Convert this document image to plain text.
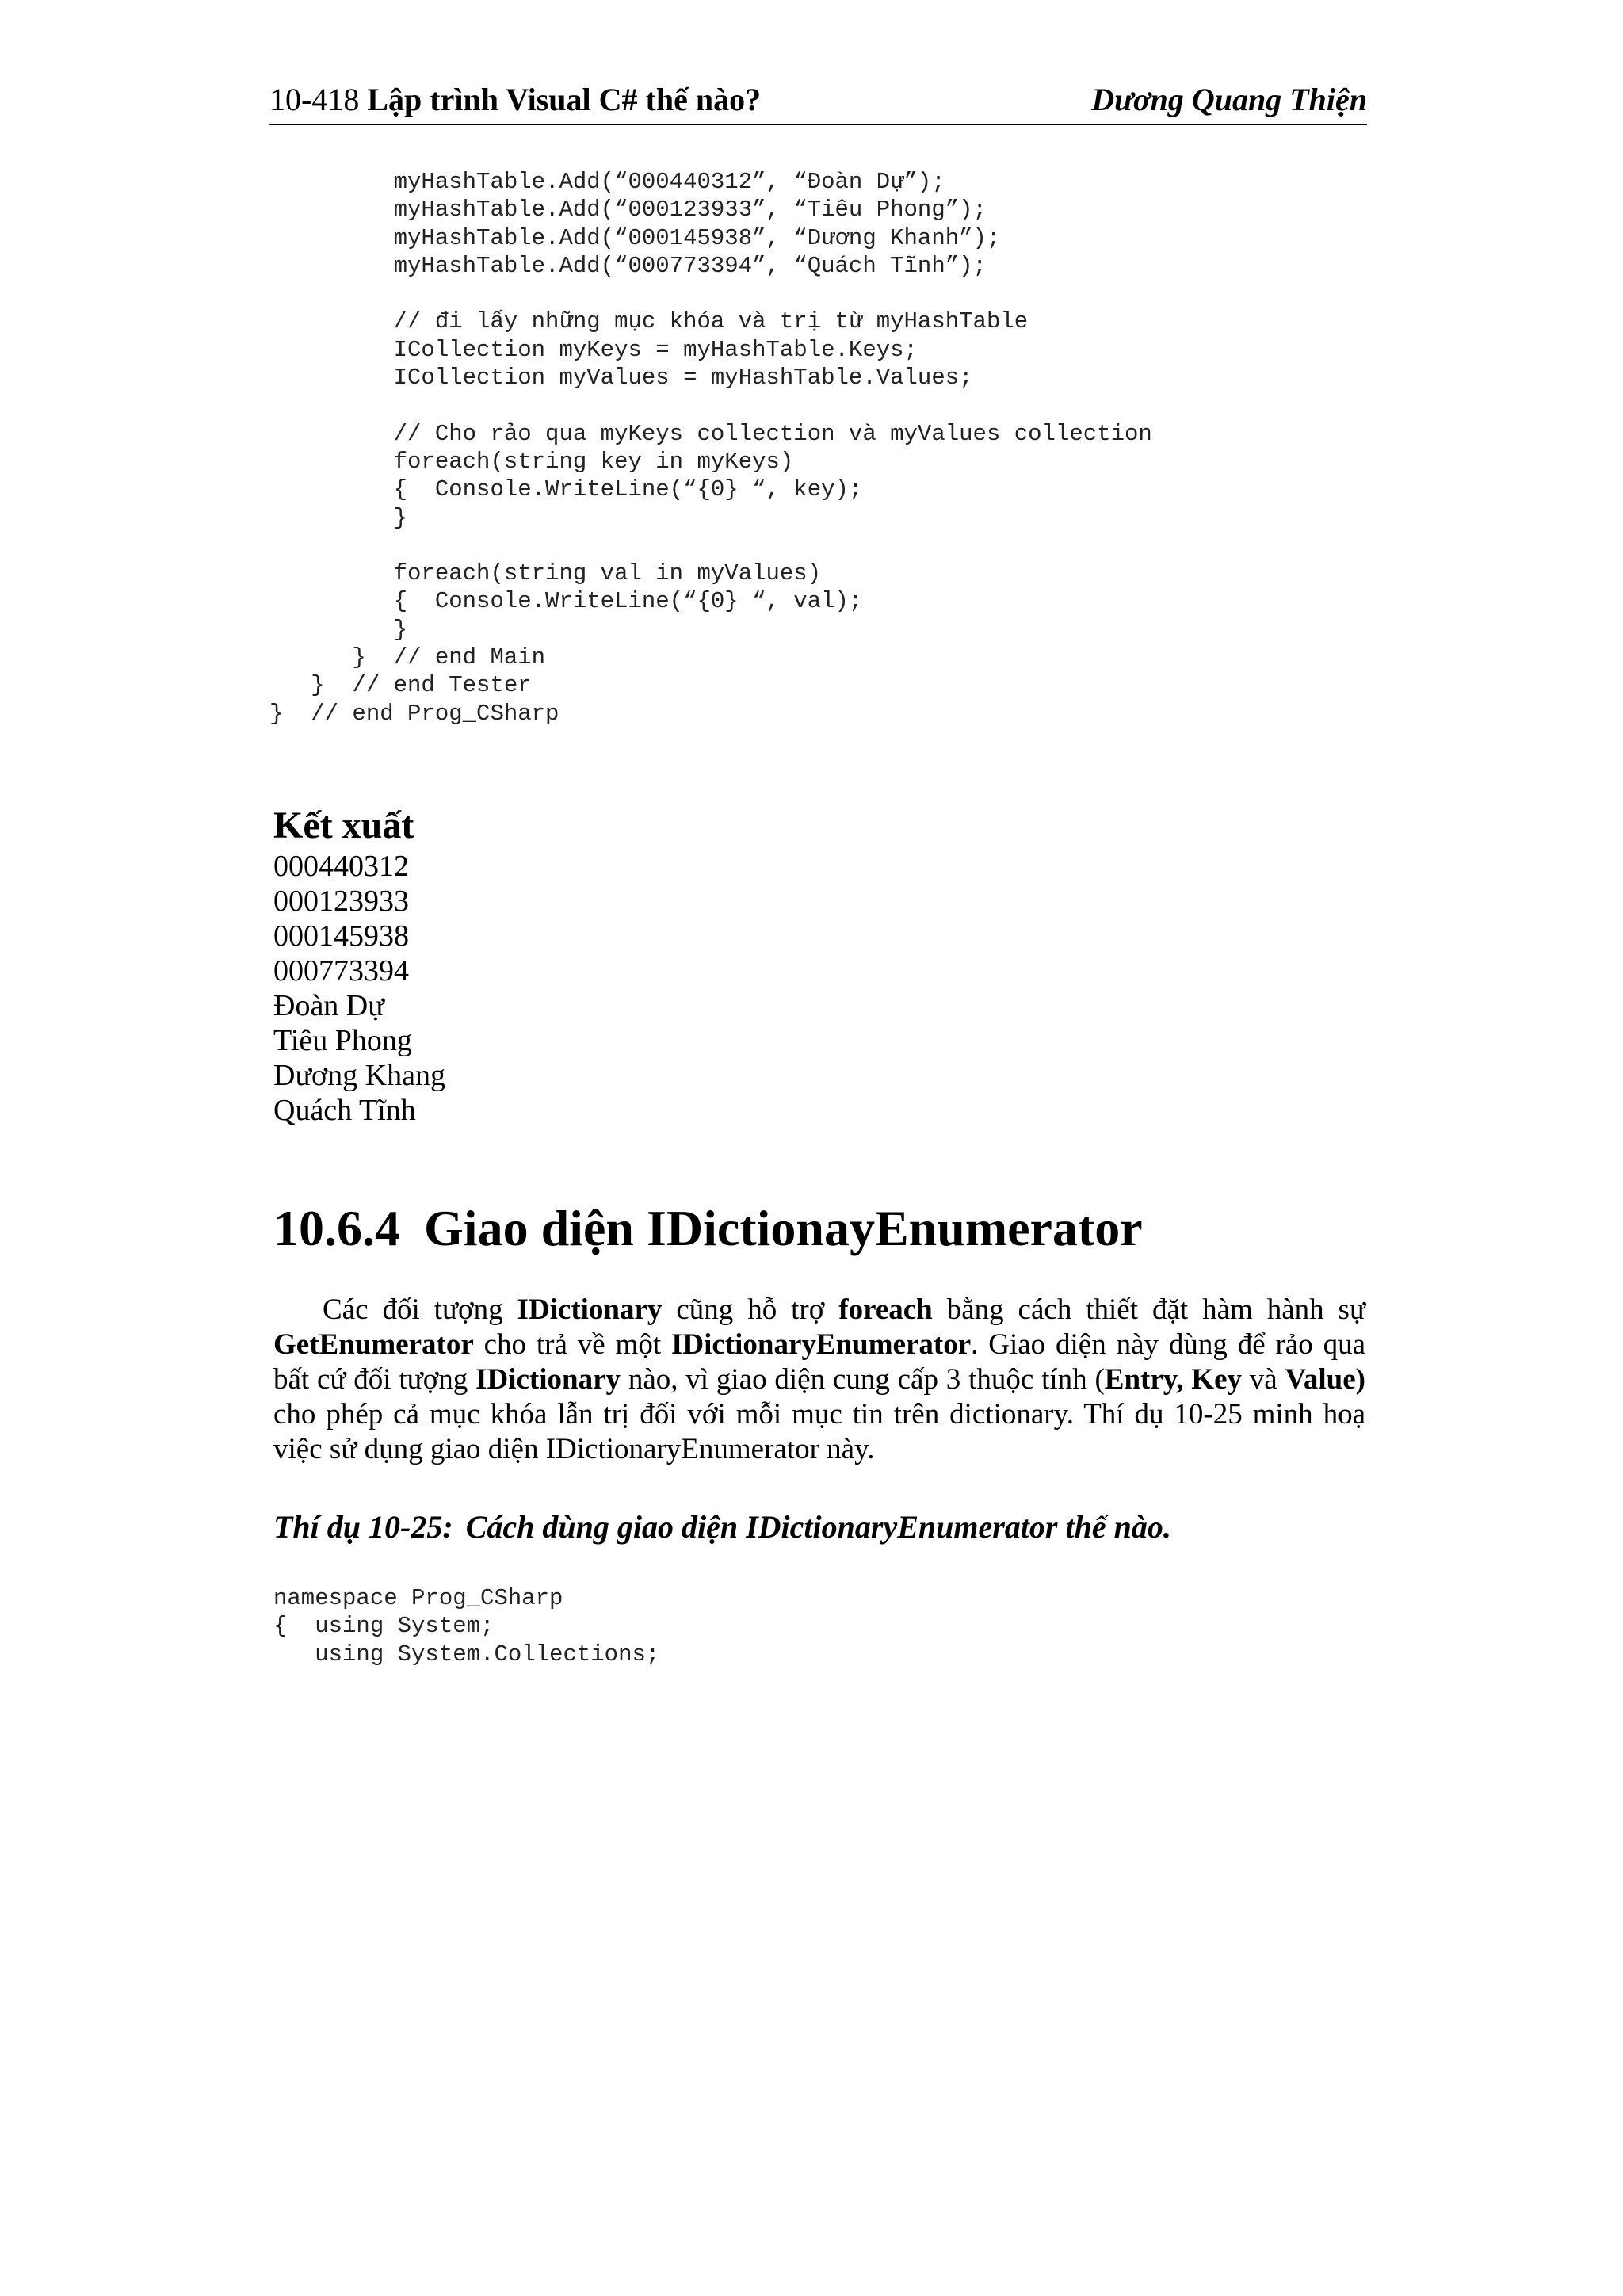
10-418 Lập trình Visual C# thế nào?	Dương Quang Thiện
myHashTable.Add(“000440312”, “Đoàn Dự”);
myHashTable.Add(“000123933”, “Tiêu Phong”);
myHashTable.Add(“000145938”, “Dương Khanh”);
myHashTable.Add(“000773394”, “Quách Tĩnh”);

// đi lấy những mục khóa và trị từ myHashTable
ICollection myKeys = myHashTable.Keys;
ICollection myValues = myHashTable.Values;

// Cho rảo qua myKeys collection và myValues collection
foreach(string key in myKeys)
{  Console.WriteLine(“{0} “, key);
}

foreach(string val in myValues)
{  Console.WriteLine(“{0} “, val);
}
}  // end Main
}  // end Tester
}  // end Prog_CSharp
Kết xuất
000440312
000123933
000145938
000773394
Đoàn Dự
Tiêu Phong
Dương Khang
Quách Tĩnh
10.6.4 Giao diện IDictionayEnumerator

Các đối tượng IDictionary cũng hỗ trợ foreach bằng cách thiết đặt hàm hành sự GetEnumerator cho trả về một IDictionaryEnumerator. Giao diện này dùng để rảo qua bất cứ đối tượng IDictionary nào, vì giao diện cung cấp 3 thuộc tính (Entry, Key và Value) cho phép cả mục khóa lẫn trị đối với mỗi mục tin trên dictionary. Thí dụ 10-25 minh hoạ việc sử dụng giao diện IDictionaryEnumerator này.

Thí dụ 10-25: Cách dùng giao diện IDictionaryEnumerator thế nào.
namespace Prog_CSharp
{  using System;
using System.Collections;
